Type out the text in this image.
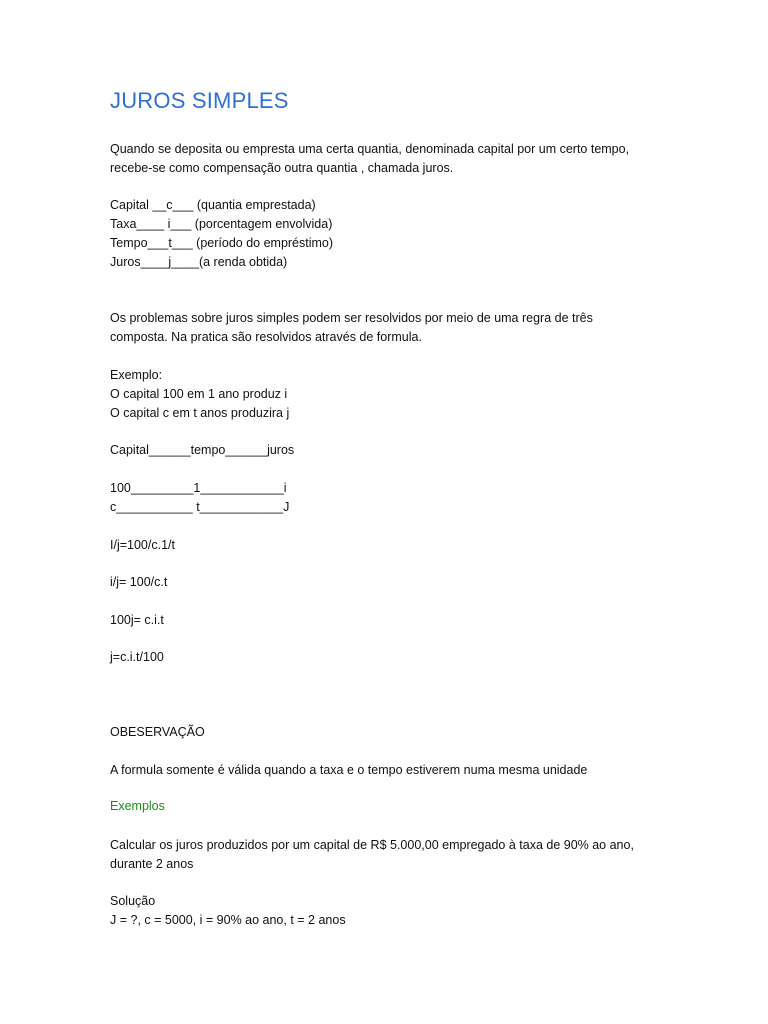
JUROS SIMPLES
Quando se deposita ou empresta uma certa quantia, denominada capital por um certo tempo,
recebe-se como compensação outra quantia , chamada juros.
Capital __c___ (quantia emprestada)
Taxa____ i___ (porcentagem envolvida)
Tempo___t___ (período do empréstimo)
Juros____j____(a renda obtida)
Os problemas sobre juros simples podem ser resolvidos por meio de uma regra de três
composta. Na pratica são resolvidos através de formula.
Exemplo:
O capital 100 em 1 ano produz i
O capital c em t anos produzira j
Capital______tempo______juros
100_________1____________i
c___________ t____________J
I/j=100/c.1/t
i/j= 100/c.t
100j= c.i.t
j=c.i.t/100
OBESERVAÇÃO
A formula somente é válida quando a taxa e o tempo estiverem numa mesma unidade
Exemplos
Calcular os juros produzidos por um capital de R$ 5.000,00 empregado à taxa de 90% ao ano,
durante 2 anos
Solução
J = ?, c = 5000, i = 90% ao ano, t = 2 anos
